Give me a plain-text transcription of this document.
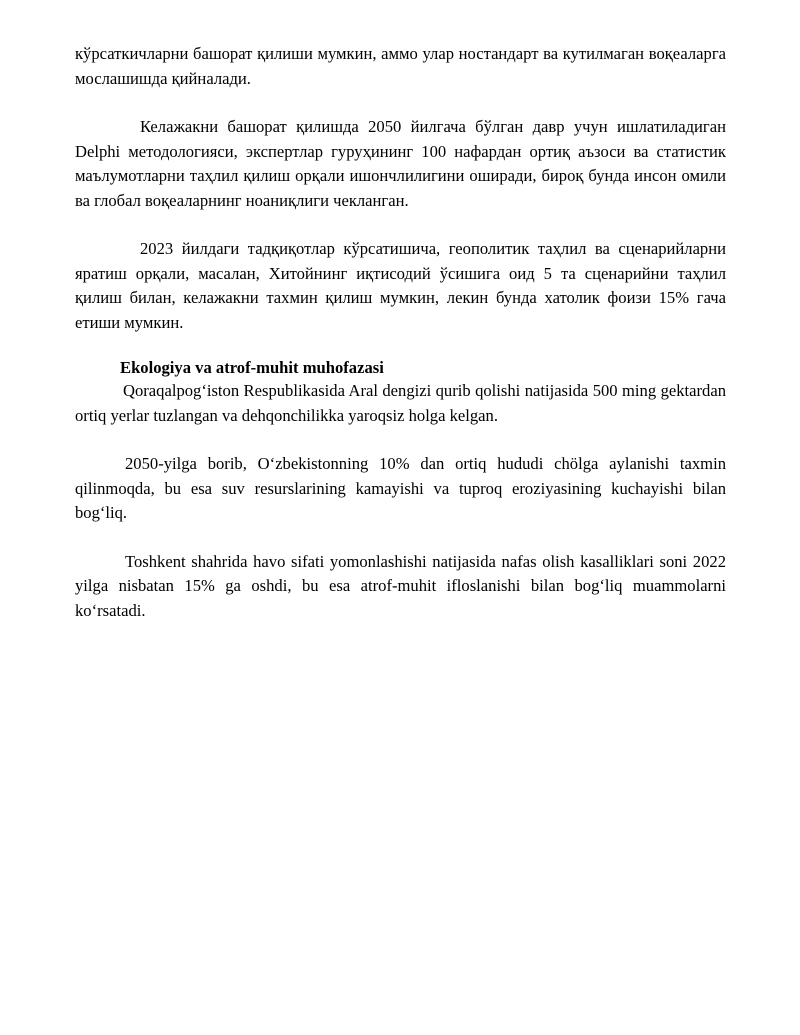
кўрсаткичларни башорат қилиши мумкин, аммо улар ностандарт ва кутилмаган воқеаларга мослашишда қийналади.

Келажакни башорат қилишда 2050 йилгача бўлган давр учун ишлатиладиган Delphi методологияси, экспертлар гуруҳининг 100 нафардан ортиқ аъзоси ва статистик маълумотларни таҳлил қилиш орқали ишончлилигини оширади, бироқ бунда инсон омили ва глобал воқеаларнинг ноаниқлиги чекланган.

2023 йилдаги тадқиқотлар кўрсатишича, геополитик таҳлил ва сценарийларни яратиш орқали, масалан, Хитойнинг иқтисодий ўсишига оид 5 та сценарийни таҳлил қилиш билан, келажакни тахмин қилиш мумкин, лекин бунда хатолик фоизи 15% гача етиши мумкин.

Ekologiya va atrof-muhit muhofazasi

Qoraqalpogʻiston Respublikasida Aral dengizi qurib qolishi natijasida 500 ming gektardan ortiq yerlar tuzlangan va dehqonchilikka yaroqsiz holga kelgan.

2050-yilga borib, Oʻzbekistonning 10% dan ortiq hududi chölga aylanishi taxmin qilinmoqda, bu esa suv resurslarining kamayishi va tuproq eroziyasining kuchayishi bilan bogʻliq.

Toshkent shahrida havo sifati yomonlashishi natijasida nafas olish kasalliklari soni 2022 yilga nisbatan 15% ga oshdi, bu esa atrof-muhit ifloslanishi bilan bogʻliq muammolarni koʻrsatadi.
